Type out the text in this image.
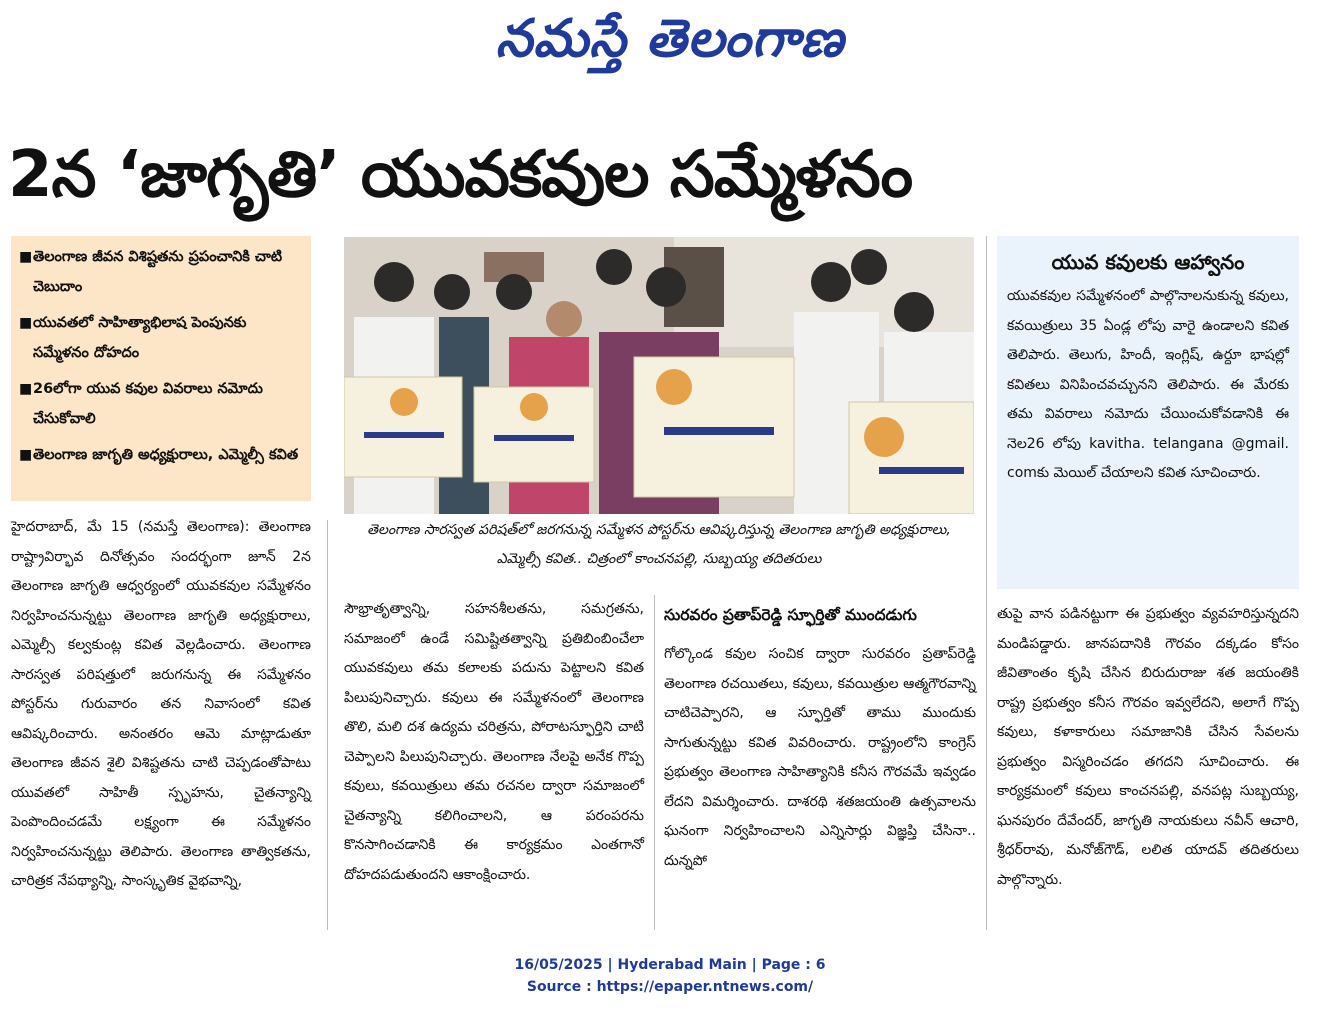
నమస్తే తెలంగాణ
2న ‘జాగృతి’ యువకవుల సమ్మేళనం
■ తెలంగాణ జీవన విశిష్టతను ప్రపంచానికి చాటి చెబుదాం
■ యువతలో సాహిత్యాభిలాష పెంపునకు సమ్మేళనం దోహదం
■ 26లోగా యువ కవుల వివరాలు నమోదు చేసుకోవాలి
■ తెలంగాణ జాగృతి అధ్యక్షురాలు, ఎమ్మెల్సీ కవిత
తెలంగాణ సారస్వత పరిషత్‌లో జరగనున్న సమ్మేళన పోస్టర్‌ను ఆవిష్కరిస్తున్న తెలంగాణ జాగృతి అధ్యక్షురాలు, ఎమ్మెల్సీ కవిత.. చిత్రంలో కాంచనపల్లి, సుబ్బయ్య తదితరులు
యువ కవులకు ఆహ్వానం
యువకవుల సమ్మేళనంలో పాల్గొనాలనుకున్న కవులు, కవయిత్రులు 35 ఏండ్ల లోపు వారై ఉండాలని కవిత తెలిపారు. తెలుగు, హిందీ, ఇంగ్లిష్, ఉర్దూ భాషల్లో కవితలు వినిపించవచ్చునని తెలిపారు. ఈ మేరకు తమ వివరాలు నమోదు చేయించుకోవడానికి ఈ నెల26 లోపు kavitha. telangana @gmail. comకు మెయిల్ చేయాలని కవిత సూచించారు.
హైదరాబాద్, మే 15 (నమస్తే తెలంగాణ): తెలంగాణ రాష్ట్రావిర్భావ దినోత్సవం సందర్భంగా జూన్ 2న తెలంగాణ జాగృతి ఆధ్వర్యంలో యువకవుల సమ్మేళనం నిర్వహించనున్నట్టు తెలంగాణ జాగృతి అధ్యక్షురాలు, ఎమ్మెల్సీ కల్వకుంట్ల కవిత వెల్లడించారు. తెలంగాణ సారస్వత పరిషత్తులో జరుగనున్న ఈ సమ్మేళనం పోస్టర్‌ను గురువారం తన నివాసంలో కవిత ఆవిష్కరించారు. అనంతరం ఆమె మాట్లాడుతూ తెలంగాణ జీవన శైలి విశిష్టతను చాటి చెప్పడంతోపాటు యువతలో సాహితీ స్పృహను, చైతన్యాన్ని పెంపొందించడమే లక్ష్యంగా ఈ సమ్మేళనం నిర్వహించనున్నట్టు తెలిపారు. తెలంగాణ తాత్వికతను, చారిత్రక నేపథ్యాన్ని, సాంస్కృతిక వైభవాన్ని,
సౌభ్రాతృత్వాన్ని, సహనశీలతను, సమగ్రతను, సమాజంలో ఉండే సమిష్టితత్వాన్ని ప్రతిబింబించేలా యువకవులు తమ కలాలకు పదును పెట్టాలని కవిత పిలుపునిచ్చారు. కవులు ఈ సమ్మేళనంలో తెలంగాణ తొలి, మలి దశ ఉద్యమ చరిత్రను, పోరాటస్ఫూర్తిని చాటి చెప్పాలని పిలుపునిచ్చారు. తెలంగాణ నేలపై అనేక గొప్ప కవులు, కవయిత్రులు తమ రచనల ద్వారా సమాజంలో చైతన్యాన్ని కలిగించాలని, ఆ పరంపరను కొనసాగించడానికి ఈ కార్యక్రమం ఎంతగానో దోహదపడుతుందని ఆకాంక్షించారు.
సురవరం ప్రతాప్‌రెడ్డి స్ఫూర్తితో ముందడుగు
గోల్కొండ కవుల సంచిక ద్వారా సురవరం ప్రతాప్‌రెడ్డి తెలంగాణ రచయితలు, కవులు, కవయిత్రుల ఆత్మగౌరవాన్ని చాటిచెప్పారని, ఆ స్ఫూర్తితో తాము ముందుకు సాగుతున్నట్టు కవిత వివరించారు. రాష్ట్రంలోని కాంగ్రెస్ ప్రభుత్వం తెలంగాణ సాహిత్యానికి కనీస గౌరవమే ఇవ్వడం లేదని విమర్శించారు. దాశరథి శతజయంతి ఉత్సవాలను ఘనంగా నిర్వహించాలని ఎన్నిసార్లు విజ్ఞప్తి చేసినా.. దున్నపో
తుపై వాన పడినట్టుగా ఈ ప్రభుత్వం వ్యవహరిస్తున్నదని మండిపడ్డారు. జానపదానికి గౌరవం దక్కడం కోసం జీవితాంతం కృషి చేసిన బిరుదురాజు శత జయంతికి రాష్ట్ర ప్రభుత్వం కనీస గౌరవం ఇవ్వలేదని, అలాగే గొప్ప కవులు, కళాకారులు సమాజానికి చేసిన సేవలను ప్రభుత్వం విస్మరించడం తగదని సూచించారు. ఈ కార్యక్రమంలో కవులు కాంచనపల్లి, వనపట్ల సుబ్బయ్య, ఘనపురం దేవేందర్, జాగృతి నాయకులు నవీన్ ఆచారి, శ్రీధర్‌రావు, మనోజ్‌గౌడ్, లలిత యాదవ్ తదితరులు పాల్గొన్నారు.
16/05/2025 | Hyderabad Main | Page : 6
Source : https://epaper.ntnews.com/
